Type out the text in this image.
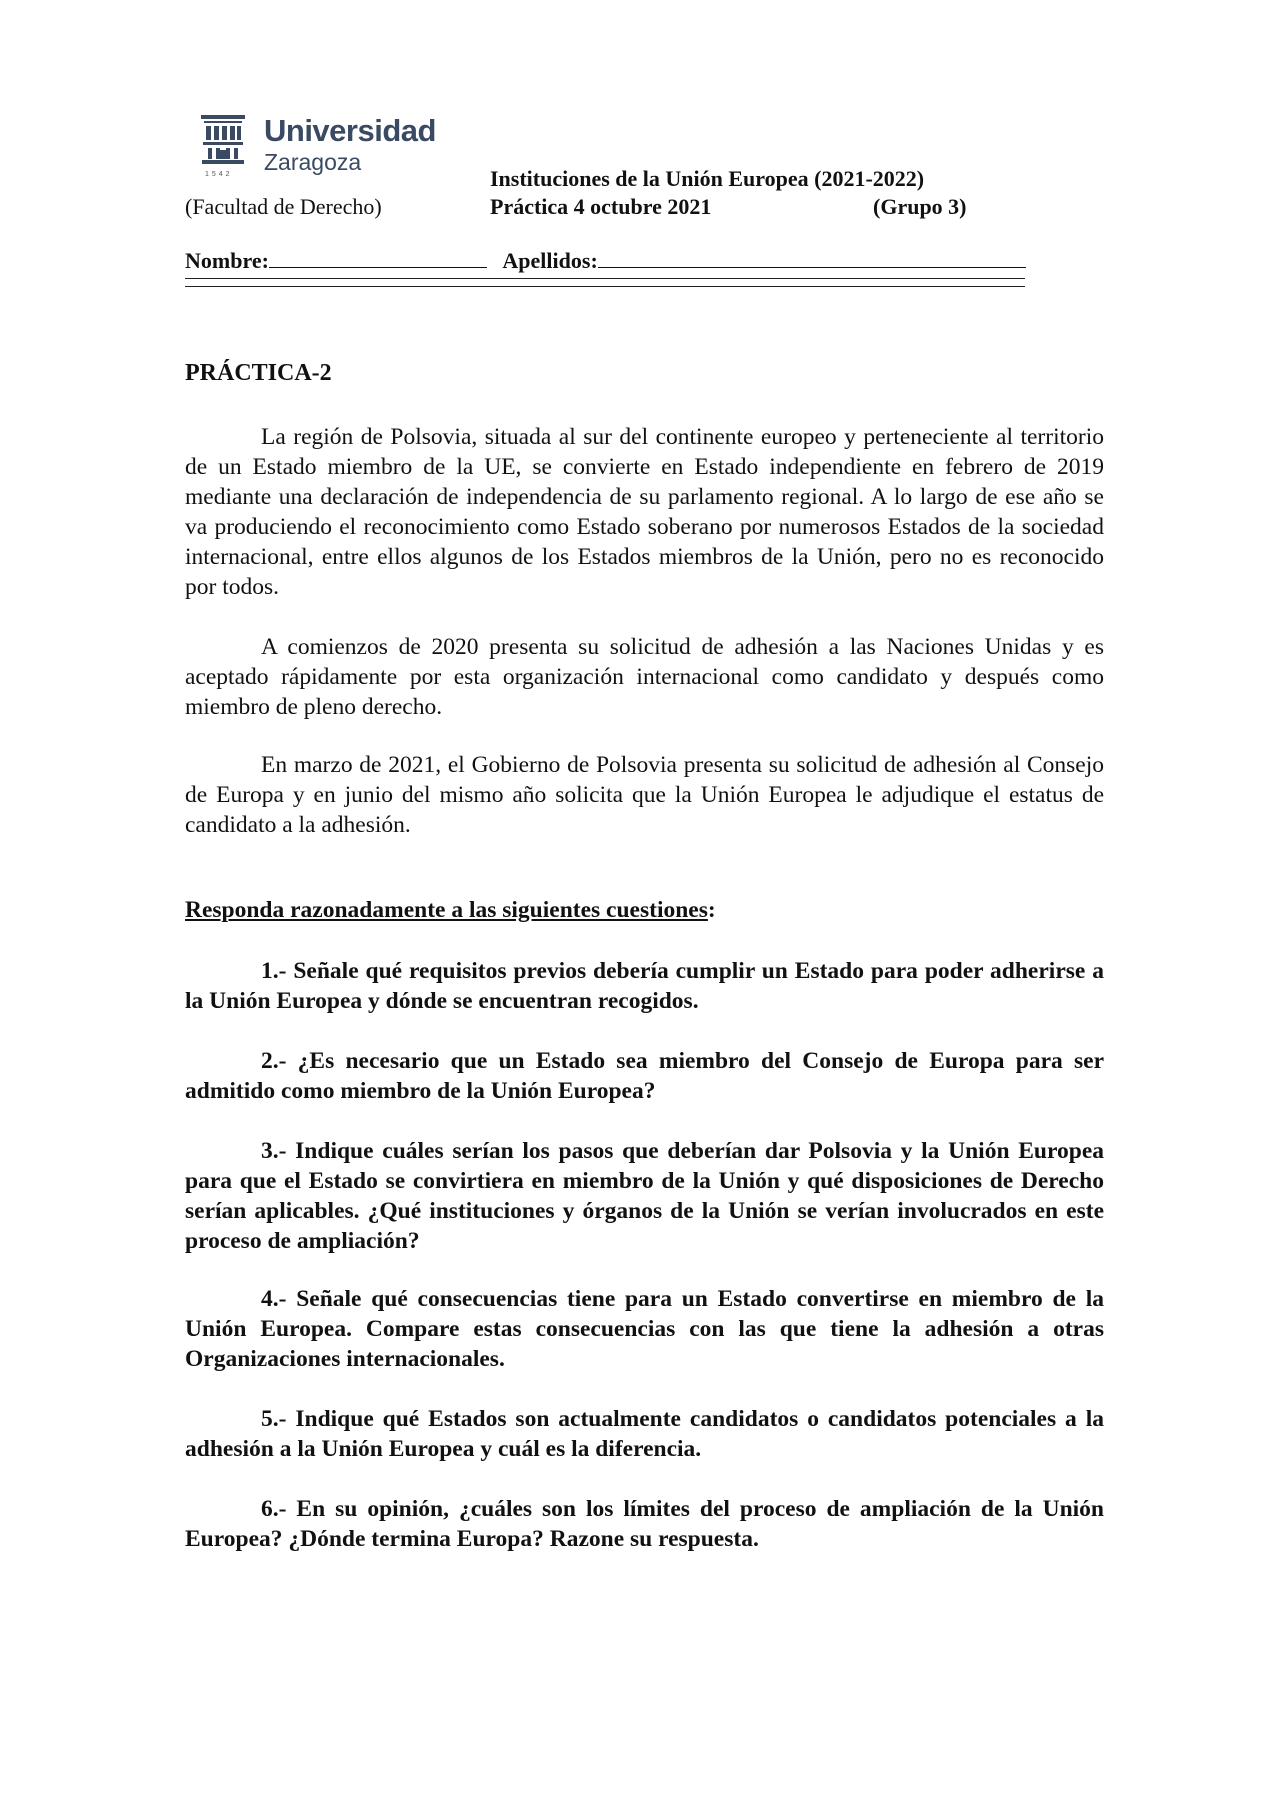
Universidad
Zaragoza
1542	Instituciones de la Unión Europea (2021-2022)
(Facultad de Derecho)	Práctica 4 octubre 2021	(Grupo 3)
Nombre:	Apellidos:
PRÁCTICA-2

La región de Polsovia, situada al sur del continente europeo y perteneciente al territorio de un Estado miembro de la UE, se convierte en Estado independiente en febrero de 2019 mediante una declaración de independencia de su parlamento regional. A lo largo de ese año se va produciendo el reconocimiento como Estado soberano por numerosos Estados de la sociedad internacional, entre ellos algunos de los Estados miembros de la Unión, pero no es reconocido por todos.

A comienzos de 2020 presenta su solicitud de adhesión a las Naciones Unidas y es aceptado rápidamente por esta organización internacional como candidato y después como miembro de pleno derecho.

En marzo de 2021, el Gobierno de Polsovia presenta su solicitud de adhesión al Consejo de Europa y en junio del mismo año solicita que la Unión Europea le adjudique el estatus de candidato a la adhesión.

Responda razonadamente a las siguientes cuestiones:

1.- Señale qué requisitos previos debería cumplir un Estado para poder adherirse a la Unión Europea y dónde se encuentran recogidos.

2.- ¿Es necesario que un Estado sea miembro del Consejo de Europa para ser admitido como miembro de la Unión Europea?

3.- Indique cuáles serían los pasos que deberían dar Polsovia y la Unión Europea para que el Estado se convirtiera en miembro de la Unión y qué disposiciones de Derecho serían aplicables. ¿Qué instituciones y órganos de la Unión se verían involucrados en este proceso de ampliación?

4.- Señale qué consecuencias tiene para un Estado convertirse en miembro de la Unión Europea. Compare estas consecuencias con las que tiene la adhesión a otras Organizaciones internacionales.

5.- Indique qué Estados son actualmente candidatos o candidatos potenciales a la adhesión a la Unión Europea y cuál es la diferencia.

6.- En su opinión, ¿cuáles son los límites del proceso de ampliación de la Unión Europea? ¿Dónde termina Europa? Razone su respuesta.
